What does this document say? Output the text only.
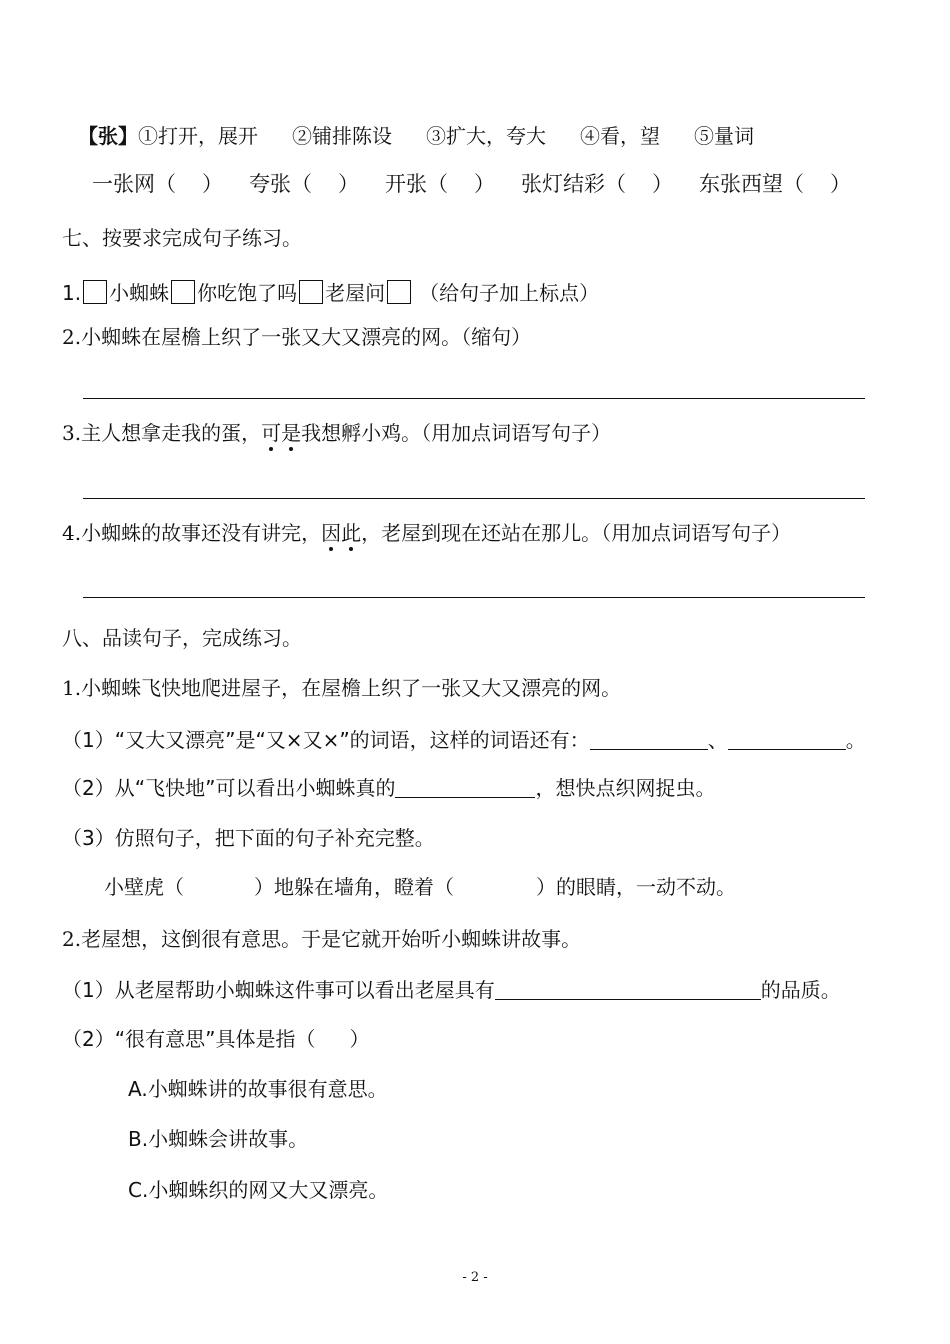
【张】①打开，展开 ②铺排陈设 ③扩大，夸大 ④看，望 ⑤量词
一张网（ ） 夸张（ ） 开张（ ） 张灯结彩（ ） 东张西望（ ）
七、按要求完成句子练习。
1. 小蜘蛛 你吃饱了吗 老屋问 （给句子加上标点）
2.小蜘蛛在屋檐上织了一张又大又漂亮的网。（缩句）
3.主人想拿走我的蛋，可是我想孵小鸡。（用加点词语写句子）
4.小蜘蛛的故事还没有讲完，因此，老屋到现在还站在那儿。（用加点词语写句子）
八、品读句子，完成练习。
1.小蜘蛛飞快地爬进屋子，在屋檐上织了一张又大又漂亮的网。
（1）“又大又漂亮”是“又×又×”的词语，这样的词语还有：	、	。
（2）从“飞快地”可以看出小蜘蛛真的	，想快点织网捉虫。
（3）仿照句子，把下面的句子补充完整。
小壁虎（	）地躲在墙角，瞪着（	）的眼睛，一动不动。
2.老屋想，这倒很有意思。于是它就开始听小蜘蛛讲故事。
（1）从老屋帮助小蜘蛛这件事可以看出老屋具有	的品质。
（2）“很有意思”具体是指（ ）
A.小蜘蛛讲的故事很有意思。
B.小蜘蛛会讲故事。
C.小蜘蛛织的网又大又漂亮。
- 2 -
